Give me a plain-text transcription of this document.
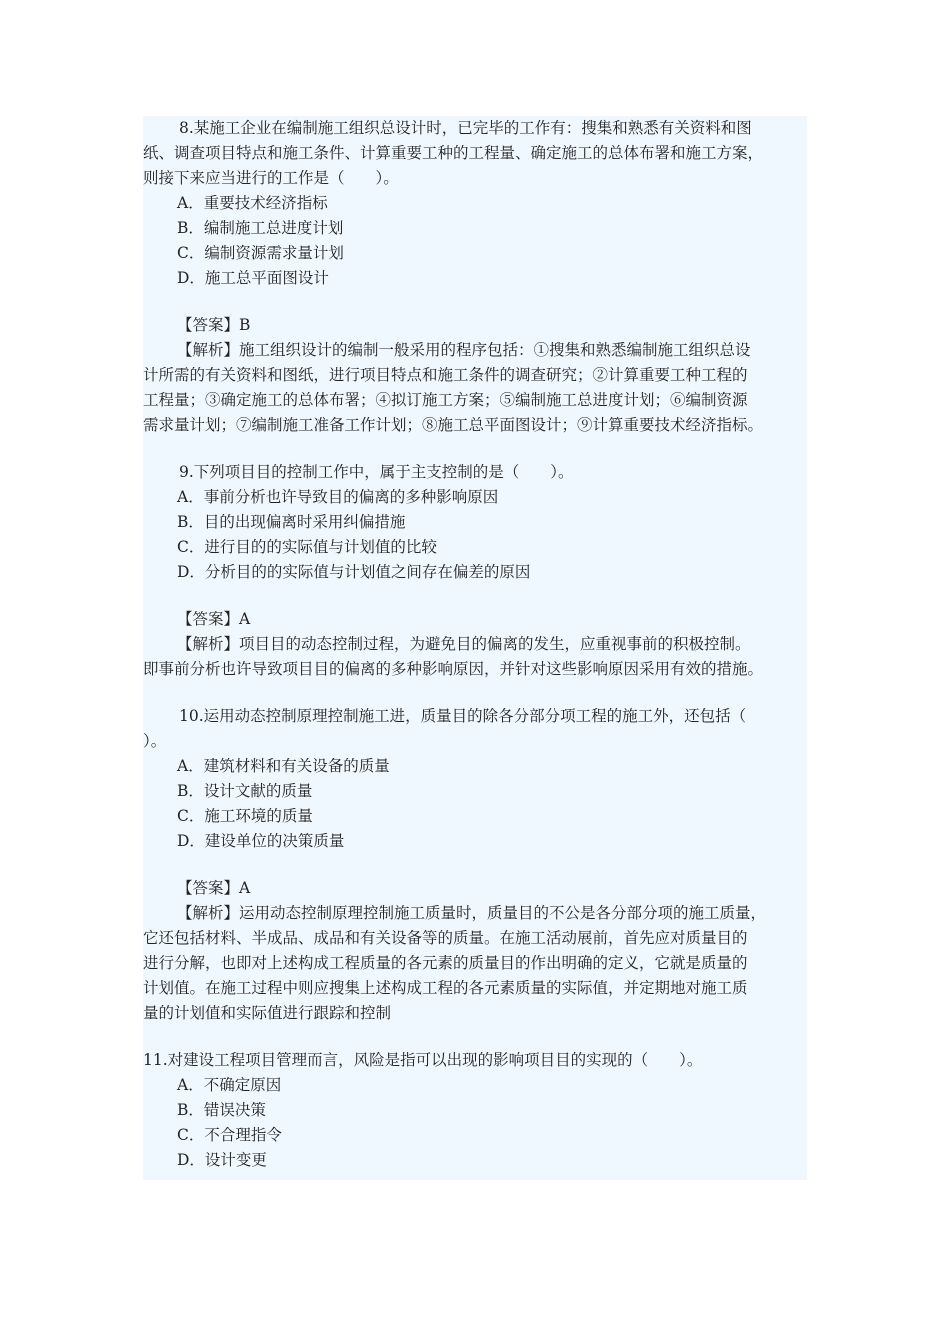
8.某施工企业在编制施工组织总设计时，已完毕的工作有：搜集和熟悉有关资料和图
纸、调查项目特点和施工条件、计算重要工种的工程量、确定施工的总体布署和施工方案，
则接下来应当进行的工作是（　　）。
A．重要技术经济指标
B．编制施工总进度计划
C．编制资源需求量计划
D．施工总平面图设计
【答案】B
【解析】施工组织设计的编制一般采用的程序包括：①搜集和熟悉编制施工组织总设
计所需的有关资料和图纸，进行项目特点和施工条件的调查研究；②计算重要工种工程的
工程量；③确定施工的总体布署；④拟订施工方案；⑤编制施工总进度计划；⑥编制资源
需求量计划；⑦编制施工准备工作计划；⑧施工总平面图设计；⑨计算重要技术经济指标。
9.下列项目目的控制工作中，属于主支控制的是（　　）。
A．事前分析也许导致目的偏离的多种影响原因
B．目的出现偏离时采用纠偏措施
C．进行目的的实际值与计划值的比较
D．分析目的的实际值与计划值之间存在偏差的原因
【答案】A
【解析】项目目的动态控制过程，为避免目的偏离的发生，应重视事前的积极控制。
即事前分析也许导致项目目的偏离的多种影响原因，并针对这些影响原因采用有效的措施。
10.运用动态控制原理控制施工进，质量目的除各分部分项工程的施工外，还包括（
）。
A．建筑材料和有关设备的质量
B．设计文献的质量
C．施工环境的质量
D．建设单位的决策质量
【答案】A
【解析】运用动态控制原理控制施工质量时，质量目的不公是各分部分项的施工质量，
它还包括材料、半成品、成品和有关设备等的质量。在施工活动展前，首先应对质量目的
进行分解，也即对上述构成工程质量的各元素的质量目的作出明确的定义，它就是质量的
计划值。在施工过程中则应搜集上述构成工程的各元素质量的实际值，并定期地对施工质
量的计划值和实际值进行跟踪和控制
11.对建设工程项目管理而言，风险是指可以出现的影响项目目的实现的（　　）。
A．不确定原因
B．错误决策
C．不合理指令
D．设计变更
